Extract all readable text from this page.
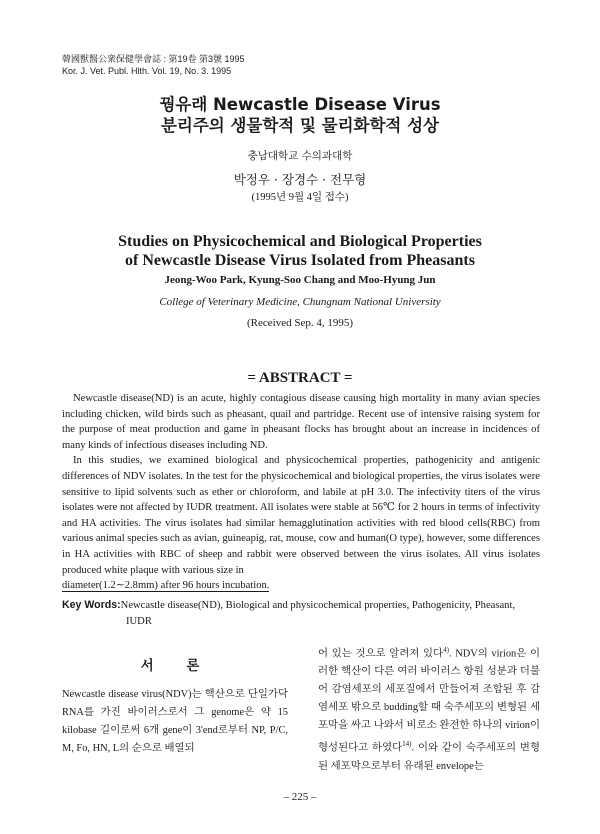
韓國獸醫公衆保健學會誌 : 第19卷 第3號 1995
Kor. J. Vet. Publ. Hlth. Vol. 19, No. 3. 1995
꿩유래 Newcastle Disease Virus
분리주의 생물학적 및 물리화학적 성상
충남대학교 수의과대학
박정우 · 장경수 · 전무형
(1995년 9월 4일 접수)
Studies on Physicochemical and Biological Properties
of Newcastle Disease Virus Isolated from Pheasants
Jeong-Woo Park, Kyung-Soo Chang and Moo-Hyung Jun
College of Veterinary Medicine, Chungnam National University
(Received Sep. 4, 1995)
= ABSTRACT =

Newcastle disease(ND) is an acute, highly contagious disease causing high mortality in many avian species including chicken, wild birds such as pheasant, quail and partridge. Recent use of intensive raising system for the purpose of meat production and game in pheasant flocks has brought about an increase in incidences of many kinds of infectious diseases including ND.

In this studies, we examined biological and physicochemical properties, pathogenicity and antigenic differences of NDV isolates. In the test for the physicochemical and biological properties, the virus isolates were sensitive to lipid solvents such as ether or chloroform, and labile at pH 3.0. The infectivity titers of the virus isolates were not affected by IUDR treatment. All isolates were stable at 56℃ for 2 hours in terms of infectivity and HA activities. The virus isolates had similar hemagglutination activities with red blood cells(RBC) from various animal species such as avian, guineapig, rat, mouse, cow and human(O type), however, some differences in HA activities with RBC of sheep and rabbit were observed between the virus isolates. All virus isolates produced white plaque with various size in

diameter(1.2∼2.8mm) after 96 hours incubation.
Key Words:Newcastle disease(ND), Biological and physicochemical properties, Pathogenicity, Pheasant, IUDR
서 론

Newcastle disease virus(NDV)는 핵산으로 단일가닥 RNA를 가진 바이러스로서 그 genome은 약 15 kilobase 길이로써 6개 gene이 3'end로부터 NP, P/C, M, Fo, HN, L의 순으로 배열되

어 있는 것으로 알려져 있다$^{4)}$. NDV의 virion은 이러한 핵산이 다른 여러 바이러스 항원 성분과 더불어 감염세포의 세포질에서 만들어져 조합된 후 감염세포 밖으로 budding할 때 숙주세포의 변형된 세포막을 싸고 나와서 비로소 완전한 하나의 virion이 형성된다고 하였다$^{14)}$. 이와 같이 숙주세포의 변형된 세포막으로부터 유래된 envelope는

– 225 –
